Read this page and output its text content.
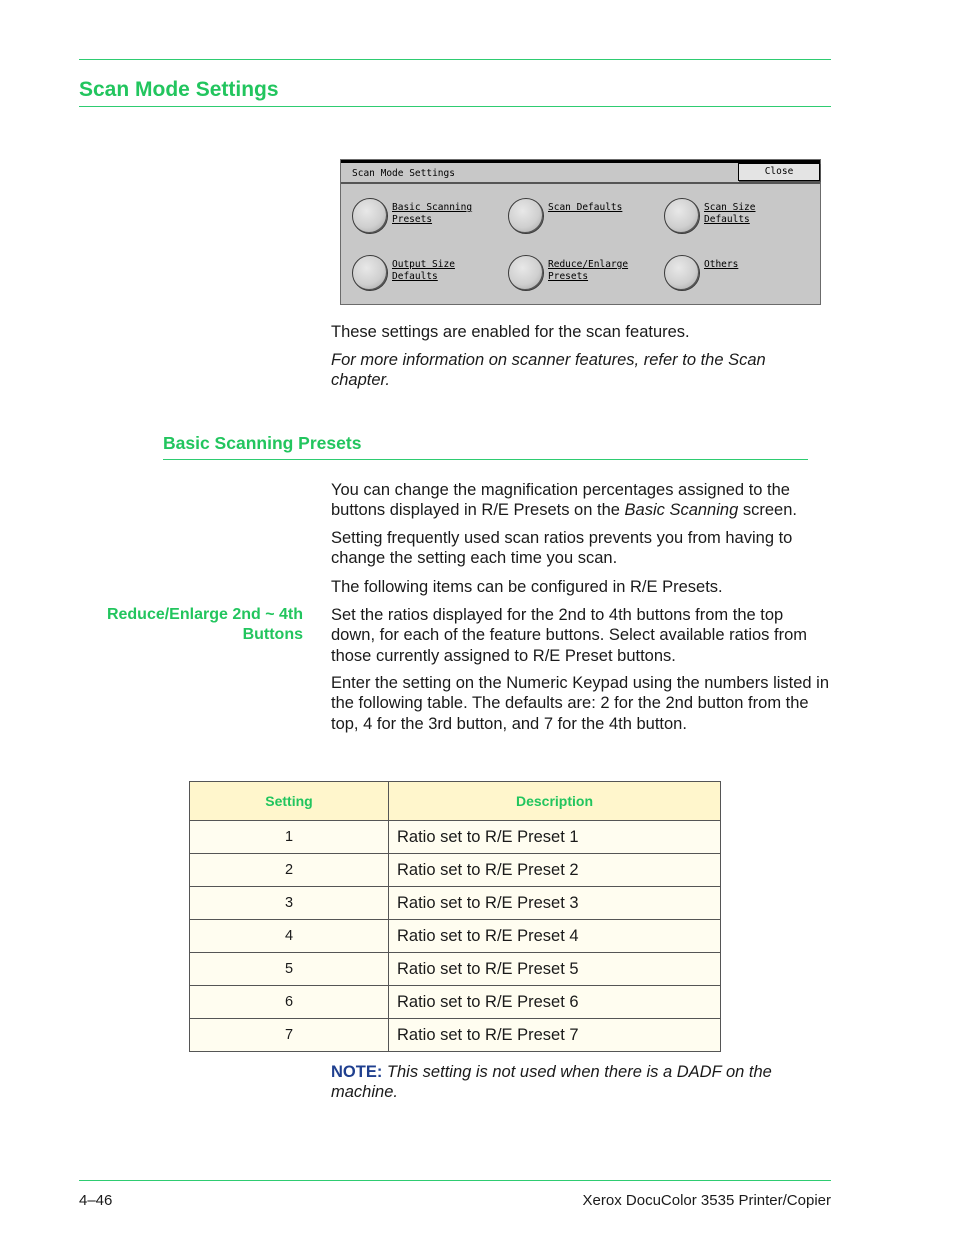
Scan Mode Settings
Scan Mode Settings	Close
Basic Scanning
Presets
Scan Defaults	Scan Size
Defaults
Output Size
Defaults
Reduce/Enlarge
Presets
Others
These settings are enabled for the scan features.
For more information on scanner features, refer to the Scan chapter.
Basic Scanning Presets
You can change the magnification percentages assigned to the buttons displayed in R/E Presets on the Basic Scanning screen.
Setting frequently used scan ratios prevents you from having to change the setting each time you scan.
The following items can be configured in R/E Presets.
Reduce/Enlarge 2nd ~ 4th Buttons
Set the ratios displayed for the 2nd to 4th buttons from the top down, for each of the feature buttons. Select available ratios from those currently assigned to R/E Preset buttons.
Enter the setting on the Numeric Keypad using the numbers listed in the following table. The defaults are: 2 for the 2nd button from the top, 4 for the 3rd button, and 7 for the 4th button.
Setting	Description
1	Ratio set to R/E Preset 1
2	Ratio set to R/E Preset 2
3	Ratio set to R/E Preset 3
4	Ratio set to R/E Preset 4
5	Ratio set to R/E Preset 5
6	Ratio set to R/E Preset 6
7	Ratio set to R/E Preset 7
NOTE: This setting is not used when there is a DADF on the machine.
4–46	Xerox DocuColor 3535 Printer/Copier
